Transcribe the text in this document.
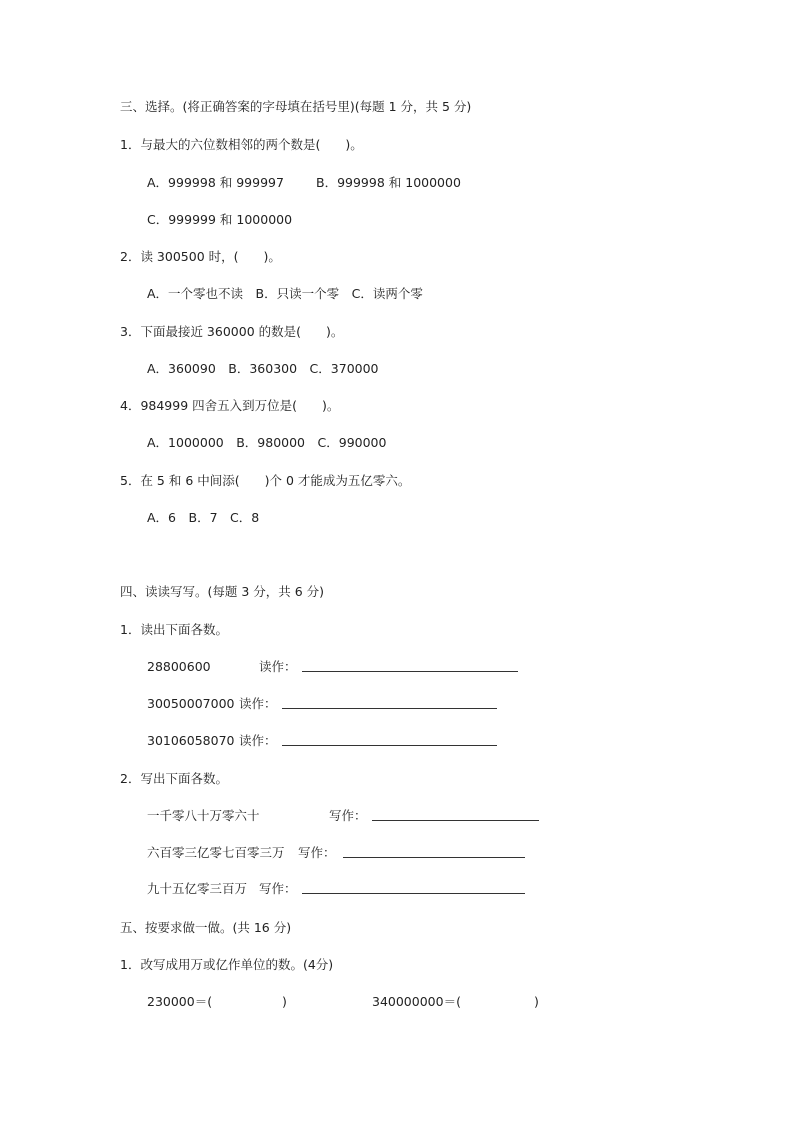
三、选择。(将正确答案的字母填在括号里)(每题 1 分，共 5 分)
1．与最大的六位数相邻的两个数是(　　)。
A．999998 和 999997	B．999998 和 1000000
C．999999 和 1000000
2．读 300500 时，(　　)。
A．一个零也不读　B．只读一个零　C．读两个零
3．下面最接近 360000 的数是(　　)。
A．360090　B．360300　C．370000
4．984999 四舍五入到万位是(　　)。
A．1000000　B．980000　C．990000
5．在 5 和 6 中间添(　　)个 0 才能成为五亿零六。
A．6　B．7　C．8
四、读读写写。(每题 3 分，共 6 分)
1．读出下面各数。
28800600	读作：
30050007000 读作：
30106058070 读作：
2．写出下面各数。
一千零八十万零六十	写作：
六百零三亿零七百零三万 写作：
九十五亿零三百万 写作：
五、按要求做一做。(共 16 分)
1．改写成用万或亿作单位的数。(4分)
230000＝(	)	340000000＝(	)
